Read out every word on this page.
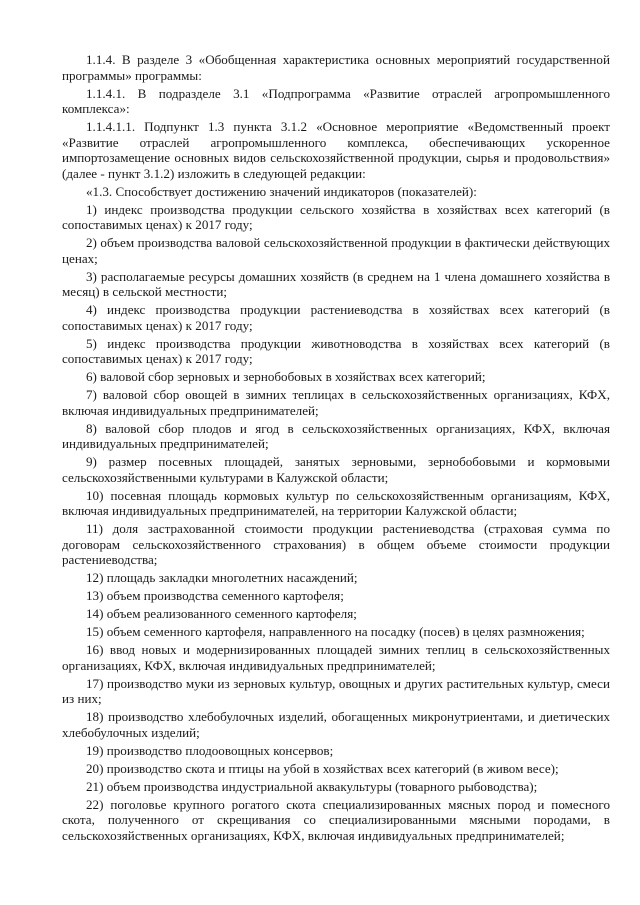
1.1.4. В разделе 3 «Обобщенная характеристика основных мероприятий государственной программы» программы:

1.1.4.1. В подразделе 3.1 «Подпрограмма «Развитие отраслей агропромышленного комплекса»:

1.1.4.1.1. Подпункт 1.3 пункта 3.1.2 «Основное мероприятие «Ведомственный проект «Развитие отраслей агропромышленного комплекса, обеспечивающих ускоренное импортозамещение основных видов сельскохозяйственной продукции, сырья и продовольствия» (далее - пункт 3.1.2) изложить в следующей редакции:

«1.3. Способствует достижению значений индикаторов (показателей):

1) индекс производства продукции сельского хозяйства в хозяйствах всех категорий (в сопоставимых ценах) к 2017 году;

2) объем производства валовой сельскохозяйственной продукции в фактически действующих ценах;

3) располагаемые ресурсы домашних хозяйств (в среднем на 1 члена домашнего хозяйства в месяц) в сельской местности;

4) индекс производства продукции растениеводства в хозяйствах всех категорий (в сопоставимых ценах) к 2017 году;

5) индекс производства продукции животноводства в хозяйствах всех категорий (в сопоставимых ценах) к 2017 году;

6) валовой сбор зерновых и зернобобовых в хозяйствах всех категорий;

7) валовой сбор овощей в зимних теплицах в сельскохозяйственных организациях, КФХ, включая индивидуальных предпринимателей;

8) валовой сбор плодов и ягод в сельскохозяйственных организациях, КФХ, включая индивидуальных предпринимателей;

9) размер посевных площадей, занятых зерновыми, зернобобовыми и кормовыми сельскохозяйственными культурами в Калужской области;

10) посевная площадь кормовых культур по сельскохозяйственным организациям, КФХ, включая индивидуальных предпринимателей, на территории Калужской области;

11) доля застрахованной стоимости продукции растениеводства (страховая сумма по договорам сельскохозяйственного страхования) в общем объеме стоимости продукции растениеводства;

12) площадь закладки многолетних насаждений;

13) объем производства семенного картофеля;

14) объем реализованного семенного картофеля;

15) объем семенного картофеля, направленного на посадку (посев) в целях размножения;

16) ввод новых и модернизированных площадей зимних теплиц в сельскохозяйственных организациях, КФХ, включая индивидуальных предпринимателей;

17) производство муки из зерновых культур, овощных и других растительных культур, смеси из них;

18) производство хлебобулочных изделий, обогащенных микронутриентами, и диетических хлебобулочных изделий;

19) производство плодоовощных консервов;

20) производство скота и птицы на убой в хозяйствах всех категорий (в живом весе);

21) объем производства индустриальной аквакультуры (товарного рыбоводства);

22) поголовье крупного рогатого скота специализированных мясных пород и помесного скота, полученного от скрещивания со специализированными мясными породами, в сельскохозяйственных организациях, КФХ, включая индивидуальных предпринимателей;
